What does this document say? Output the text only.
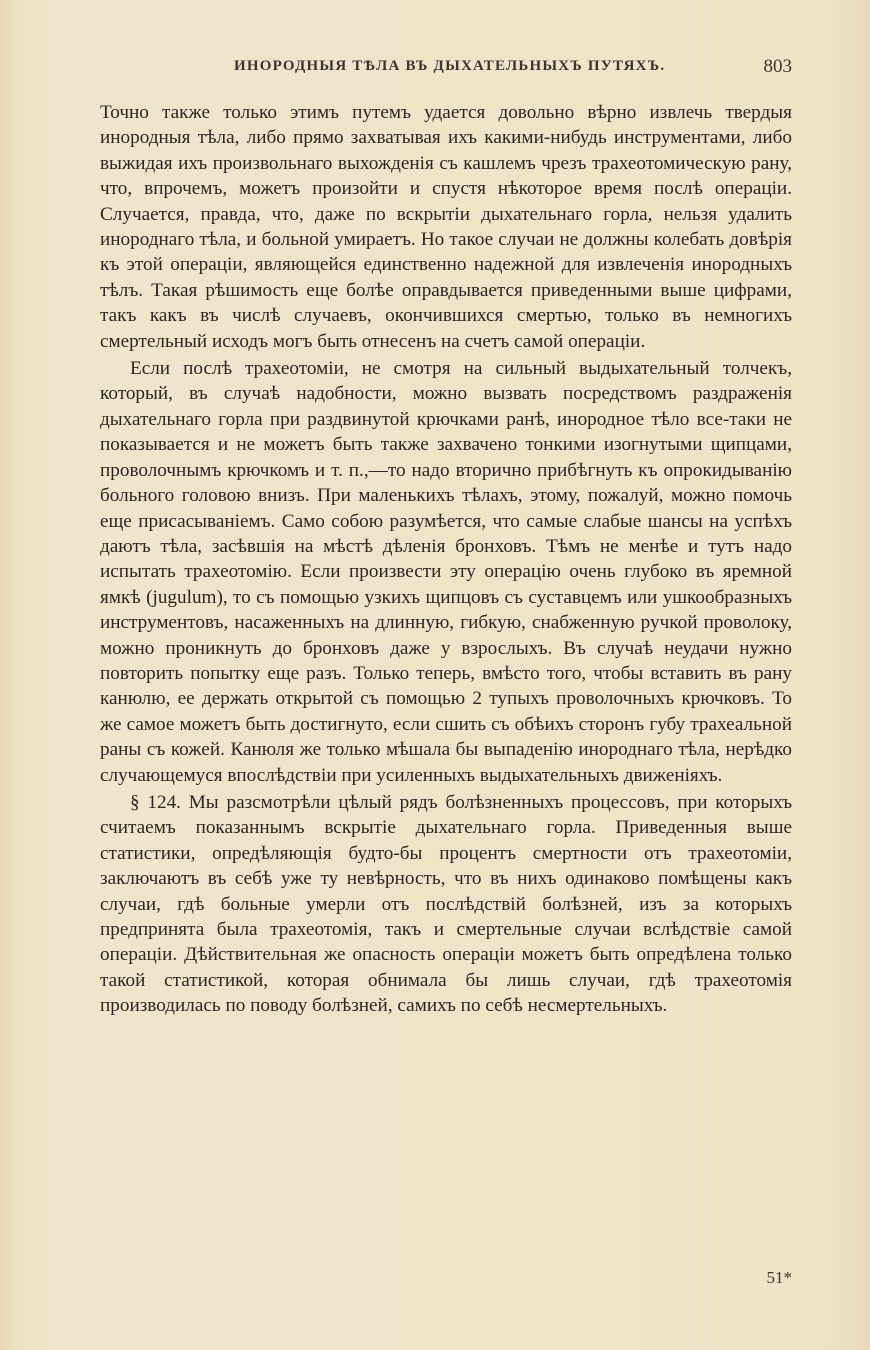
ИНОРОДНЫЯ ТѢЛА ВЪ ДЫХАТЕЛЬНЫХЪ ПУТЯХЪ.	803

Точно также только этимъ путемъ удается довольно вѣрно извлечь твердыя инородныя тѣла, либо прямо захватывая ихъ какими-нибудь инструментами, либо выжидая ихъ произвольнаго выхожденія съ кашлемъ чрезъ трахеотомическую рану, что, впрочемъ, можетъ произойти и спустя нѣкоторое время послѣ операціи. Случается, правда, что, даже по вскрытіи дыхательнаго горла, нельзя удалить инороднаго тѣла, и больной умираетъ. Но такое случаи не должны колебать довѣрія къ этой операціи, являющейся единственно надежной для извлеченія инородныхъ тѣлъ. Такая рѣшимость еще болѣе оправдывается приведенными выше цифрами, такъ какъ въ числѣ случаевъ, окончившихся смертью, только въ немногихъ смертельный исходъ могъ быть отнесенъ на счетъ самой операціи.

Если послѣ трахеотоміи, не смотря на сильный выдыхательный толчекъ, который, въ случаѣ надобности, можно вызвать посредствомъ раздраженія дыхательнаго горла при раздвинутой крючками ранѣ, инородное тѣло все-таки не показывается и не можетъ быть также захвачено тонкими изогнутыми щипцами, проволочнымъ крючкомъ и т. п.,—то надо вторично прибѣгнуть къ опрокидыванію больного головою внизъ. При маленькихъ тѣлахъ, этому, пожалуй, можно помочь еще присасываніемъ. Само собою разумѣется, что самые слабые шансы на успѣхъ даютъ тѣла, засѣвшія на мѣстѣ дѣленія бронховъ. Тѣмъ не менѣе и тутъ надо испытать трахеотомію. Если произвести эту операцію очень глубоко въ яремной ямкѣ (jugulum), то съ помощью узкихъ щипцовъ съ суставцемъ или ушкообразныхъ инструментовъ, насаженныхъ на длинную, гибкую, снабженную ручкой проволоку, можно проникнуть до бронховъ даже у взрослыхъ. Въ случаѣ неудачи нужно повторить попытку еще разъ. Только теперь, вмѣсто того, чтобы вставить въ рану канюлю, ее держать открытой съ помощью 2 тупыхъ проволочныхъ крючковъ. То же самое можетъ быть достигнуто, если сшить съ обѣихъ сторонъ губу трахеальной раны съ кожей. Канюля же только мѣшала бы выпаденію инороднаго тѣла, нерѣдко случающемуся впослѣдствіи при усиленныхъ выдыхательныхъ движеніяхъ.

§ 124. Мы разсмотрѣли цѣлый рядъ болѣзненныхъ процессовъ, при которыхъ считаемъ показаннымъ вскрытіе дыхательнаго горла. Приведенныя выше статистики, опредѣляющія будто-бы процентъ смертности отъ трахеотоміи, заключаютъ въ себѣ уже ту невѣрность, что въ нихъ одинаково помѣщены какъ случаи, гдѣ больные умерли отъ послѣдствій болѣзней, изъ за которыхъ предпринята была трахеотомія, такъ и смертельные случаи вслѣдствіе самой операціи. Дѣйствительная же опасность операціи можетъ быть опредѣлена только такой статистикой, которая обнимала бы лишь случаи, гдѣ трахеотомія производилась по поводу болѣзней, самихъ по себѣ несмертельныхъ.

51*
